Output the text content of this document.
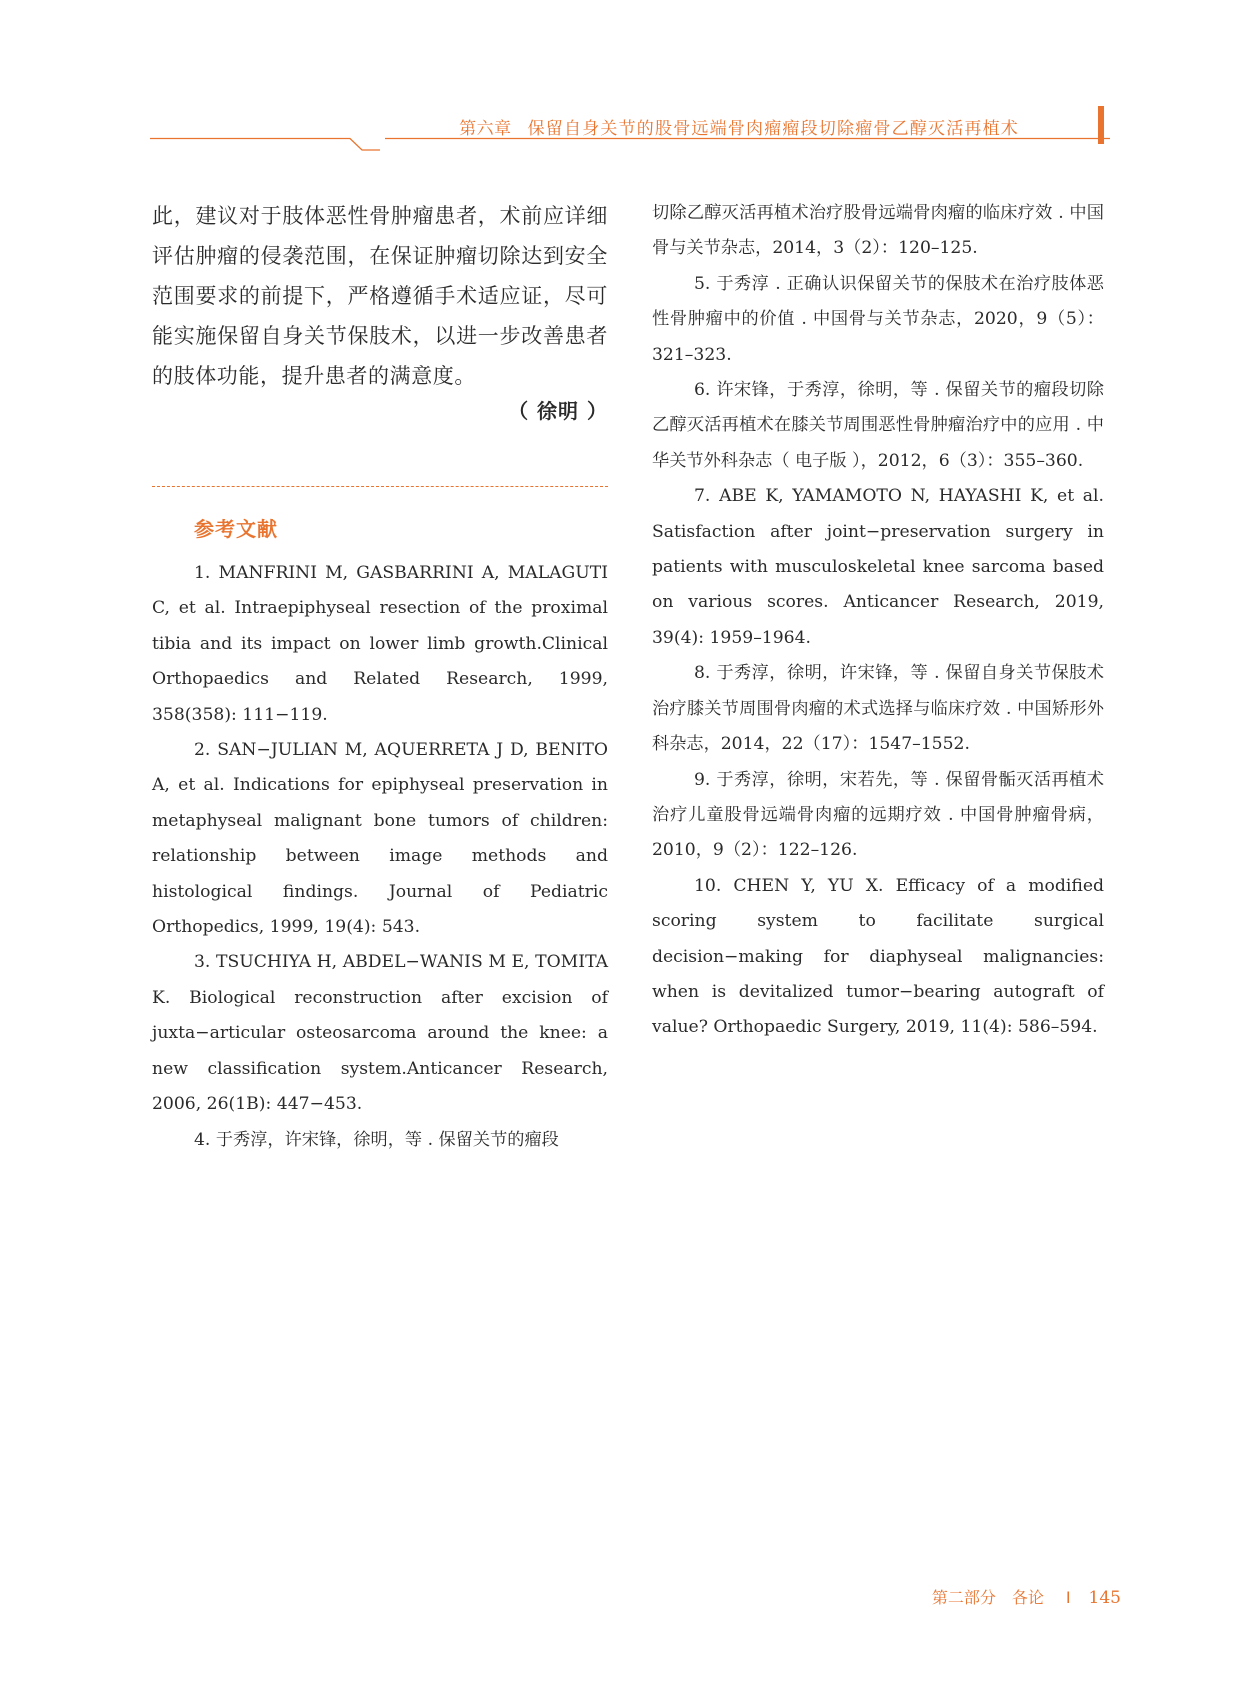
第六章 保留自身关节的股骨远端骨肉瘤瘤段切除瘤骨乙醇灭活再植术

此，建议对于肢体恶性骨肿瘤患者，术前应详细评估肿瘤的侵袭范围，在保证肿瘤切除达到安全范围要求的前提下，严格遵循手术适应证，尽可能实施保留自身关节保肢术，以进一步改善患者的肢体功能，提升患者的满意度。

（ 徐明 ）
参考文献

1. MANFRINI M, GASBARRINI A, MALAGUTI C, et al. Intraepiphyseal resection of the proximal tibia and its impact on lower limb growth.Clinical Orthopaedics and Related Research, 1999, 358(358): 111−119.

2. SAN−JULIAN M, AQUERRETA J D, BENITO A, et al. Indications for epiphyseal preservation in metaphyseal malignant bone tumors of children: relationship between image methods and histological findings. Journal of Pediatric Orthopedics, 1999, 19(4): 543.

3. TSUCHIYA H, ABDEL−WANIS M E, TOMITA K. Biological reconstruction after excision of juxta−articular osteosarcoma around the knee: a new classification system.Anticancer Research, 2006, 26(1B): 447−453.

4. 于秀淳，许宋锋，徐明，等 . 保留关节的瘤段

切除乙醇灭活再植术治疗股骨远端骨肉瘤的临床疗效 . 中国骨与关节杂志，2014，3（2）：120–125.

5. 于秀淳 . 正确认识保留关节的保肢术在治疗肢体恶性骨肿瘤中的价值 . 中国骨与关节杂志，2020，9（5）：321–323.

6. 许宋锋，于秀淳，徐明，等 . 保留关节的瘤段切除乙醇灭活再植术在膝关节周围恶性骨肿瘤治疗中的应用 . 中华关节外科杂志（ 电子版 ），2012，6（3）：355–360.

7. ABE K, YAMAMOTO N, HAYASHI K, et al. Satisfaction after joint−preservation surgery in patients with musculoskeletal knee sarcoma based on various scores. Anticancer Research, 2019, 39(4): 1959–1964.

8. 于秀淳，徐明，许宋锋，等 . 保留自身关节保肢术治疗膝关节周围骨肉瘤的术式选择与临床疗效 . 中国矫形外科杂志，2014，22（17）：1547–1552.

9. 于秀淳，徐明，宋若先，等 . 保留骨骺灭活再植术治疗儿童股骨远端骨肉瘤的远期疗效 . 中国骨肿瘤骨病，2010，9（2）：122–126.

10. CHEN Y, YU X. Efficacy of a modified scoring system to facilitate surgical decision−making for diaphyseal malignancies: when is devitalized tumor−bearing autograft of value? Orthopaedic Surgery, 2019, 11(4): 586–594.

第二部分　各论 I 145
